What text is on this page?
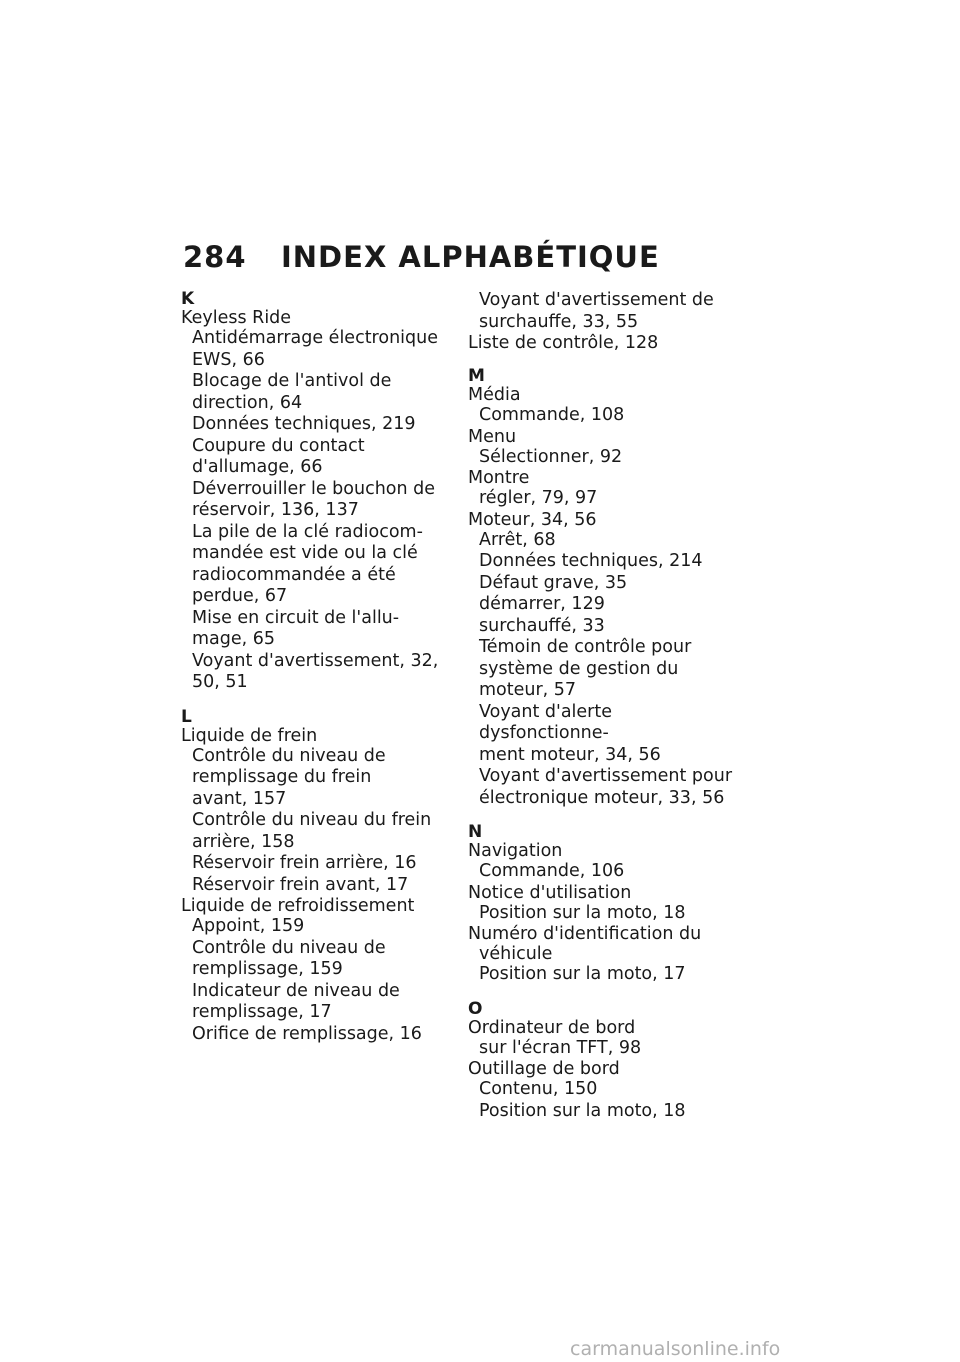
284 INDEX ALPHABÉTIQUE
K
Keyless Ride
Antidémarrage électronique
EWS, 66
Blocage de l'antivol de
direction, 64
Données techniques, 219
Coupure du contact
d'allumage, 66
Déverrouiller le bouchon de
réservoir, 136, 137
La pile de la clé radiocom-
mandée est vide ou la clé
radiocommandée a été
perdue, 67
Mise en circuit de l'allu-
mage, 65
Voyant d'avertissement, 32,
50, 51
L
Liquide de frein
Contrôle du niveau de
remplissage du frein
avant, 157
Contrôle du niveau du frein
arrière, 158
Réservoir frein arrière, 16
Réservoir frein avant, 17
Liquide de refroidissement
Appoint, 159
Contrôle du niveau de
remplissage, 159
Indicateur de niveau de
remplissage, 17
Orifice de remplissage, 16
Voyant d'avertissement de
surchauffe, 33, 55
Liste de contrôle, 128
M
Média
Commande, 108
Menu
Sélectionner, 92
Montre
régler, 79, 97
Moteur, 34, 56
Arrêt, 68
Données techniques, 214
Défaut grave, 35
démarrer, 129
surchauffé, 33
Témoin de contrôle pour
système de gestion du
moteur, 57
Voyant d'alerte dysfonctionne-
ment moteur, 34, 56
Voyant d'avertissement pour
électronique moteur, 33, 56
N
Navigation
Commande, 106
Notice d'utilisation
Position sur la moto, 18
Numéro d'identification du
véhicule
Position sur la moto, 17
O
Ordinateur de bord
sur l'écran TFT, 98
Outillage de bord
Contenu, 150
Position sur la moto, 18
carmanualsonline.info
